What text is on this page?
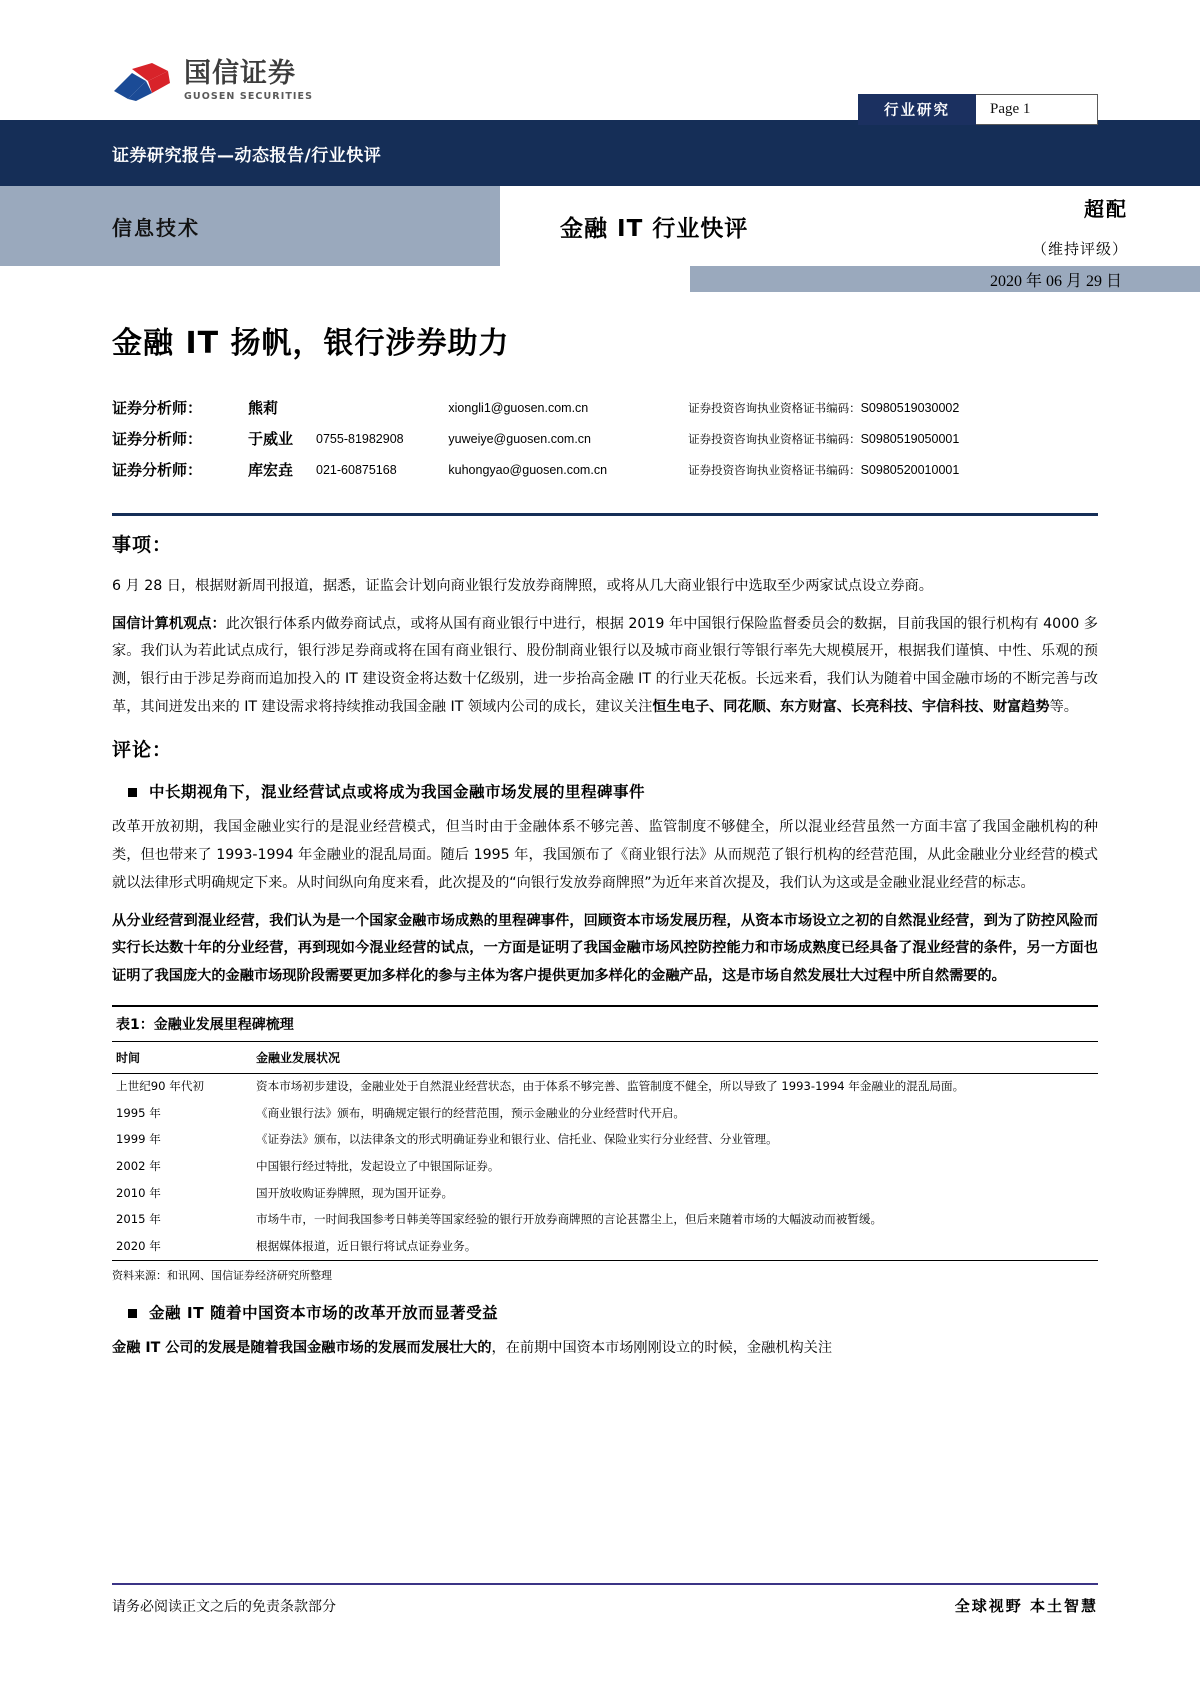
国信证券
GUOSEN SECURITIES
行业研究	Page 1
证券研究报告—动态报告/行业快评
信息技术	金融 IT 行业快评
超配
（维持评级）
2020 年 06 月 29 日
金融 IT 扬帆，银行涉券助力
证券分析师：	熊莉		xiongli1@guosen.com.cn	证券投资咨询执业资格证书编码：S0980519030002
证券分析师：	于威业	0755-81982908	yuweiye@guosen.com.cn	证券投资咨询执业资格证书编码：S0980519050001
证券分析师：	库宏垚	021-60875168	kuhongyao@guosen.com.cn	证券投资咨询执业资格证书编码：S0980520010001
事项：

6 月 28 日，根据财新周刊报道，据悉，证监会计划向商业银行发放券商牌照，或将从几大商业银行中选取至少两家试点设立券商。

国信计算机观点：此次银行体系内做券商试点，或将从国有商业银行中进行，根据 2019 年中国银行保险监督委员会的数据，目前我国的银行机构有 4000 多家。我们认为若此试点成行，银行涉足券商或将在国有商业银行、股份制商业银行以及城市商业银行等银行率先大规模展开，根据我们谨慎、中性、乐观的预测，银行由于涉足券商而追加投入的 IT 建设资金将达数十亿级别，进一步抬高金融 IT 的行业天花板。长远来看，我们认为随着中国金融市场的不断完善与改革，其间迸发出来的 IT 建设需求将持续推动我国金融 IT 领域内公司的成长，建议关注恒生电子、同花顺、东方财富、长亮科技、宇信科技、财富趋势等。

评论：
中长期视角下，混业经营试点或将成为我国金融市场发展的里程碑事件

改革开放初期，我国金融业实行的是混业经营模式，但当时由于金融体系不够完善、监管制度不够健全，所以混业经营虽然一方面丰富了我国金融机构的种类，但也带来了 1993-1994 年金融业的混乱局面。随后 1995 年，我国颁布了《商业银行法》从而规范了银行机构的经营范围，从此金融业分业经营的模式就以法律形式明确规定下来。从时间纵向角度来看，此次提及的“向银行发放券商牌照”为近年来首次提及，我们认为这或是金融业混业经营的标志。

从分业经营到混业经营，我们认为是一个国家金融市场成熟的里程碑事件，回顾资本市场发展历程，从资本市场设立之初的自然混业经营，到为了防控风险而实行长达数十年的分业经营，再到现如今混业经营的试点，一方面是证明了我国金融市场风控防控能力和市场成熟度已经具备了混业经营的条件，另一方面也证明了我国庞大的金融市场现阶段需要更加多样化的参与主体为客户提供更加多样化的金融产品，这是市场自然发展壮大过程中所自然需要的。

表1：金融业发展里程碑梳理
时间	金融业发展状况
上世纪90 年代初	资本市场初步建设，金融业处于自然混业经营状态，由于体系不够完善、监管制度不健全，所以导致了 1993-1994 年金融业的混乱局面。
1995 年	《商业银行法》颁布，明确规定银行的经营范围，预示金融业的分业经营时代开启。
1999 年	《证券法》颁布，以法律条文的形式明确证券业和银行业、信托业、保险业实行分业经营、分业管理。
2002 年	中国银行经过特批，发起设立了中银国际证券。
2010 年	国开放收购证券牌照，现为国开证券。
2015 年	市场牛市，一时间我国参考日韩美等国家经验的银行开放券商牌照的言论甚嚣尘上，但后来随着市场的大幅波动而被暂缓。
2020 年	根据媒体报道，近日银行将试点证券业务。
资料来源：和讯网、国信证券经济研究所整理
金融 IT 随着中国资本市场的改革开放而显著受益

金融 IT 公司的发展是随着我国金融市场的发展而发展壮大的，在前期中国资本市场刚刚设立的时候，金融机构关注

请务必阅读正文之后的免责条款部分	全球视野 本土智慧
